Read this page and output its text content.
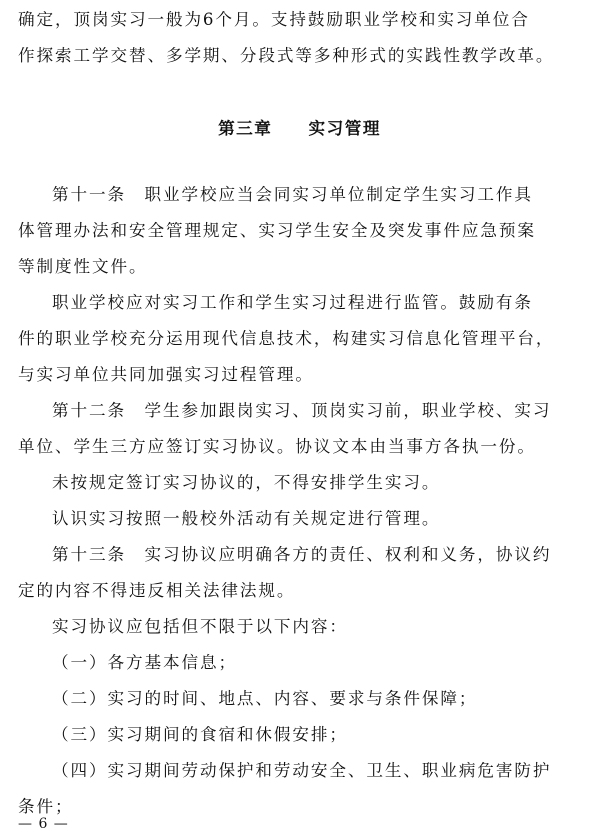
确定，顶岗实习一般为6个月。支持鼓励职业学校和实习单位合
作探索工学交替、多学期、分段式等多种形式的实践性教学改革。
第十一条　职业学校应当会同实习单位制定学生实习工作具
体管理办法和安全管理规定、实习学生安全及突发事件应急预案
等制度性文件。
职业学校应对实习工作和学生实习过程进行监管。鼓励有条
件的职业学校充分运用现代信息技术，构建实习信息化管理平台，
与实习单位共同加强实习过程管理。
第十二条　学生参加跟岗实习、顶岗实习前，职业学校、实习
单位、学生三方应签订实习协议。协议文本由当事方各执一份。
未按规定签订实习协议的，不得安排学生实习。
认识实习按照一般校外活动有关规定进行管理。
第十三条　实习协议应明确各方的责任、权利和义务，协议约
定的内容不得违反相关法律法规。
实习协议应包括但不限于以下内容：
（一）各方基本信息；
（二）实习的时间、地点、内容、要求与条件保障；
（三）实习期间的食宿和休假安排；
（四）实习期间劳动保护和劳动安全、卫生、职业病危害防护
条件；
第三章　　实习管理
— 6 —
